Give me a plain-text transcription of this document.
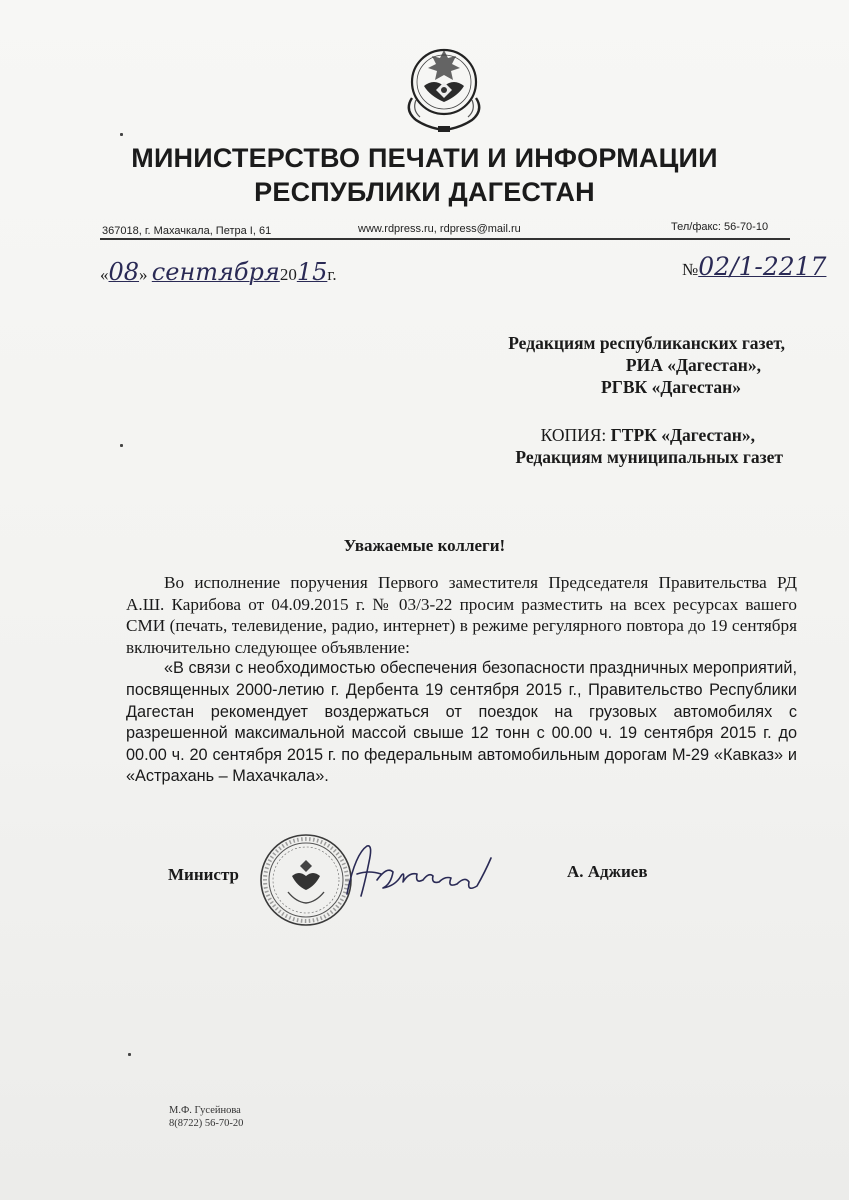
МИНИСТЕРСТВО ПЕЧАТИ И ИНФОРМАЦИИ
РЕСПУБЛИКИ ДАГЕСТАН
367018, г. Махачкала, Петра I, 61	www.rdpress.ru, rdpress@mail.ru	Тел/факс: 56-70-10
«08» сентября2015г.	№02/1-2217
Редакциям республиканских газет,
РИА «Дагестан»,
РГВК «Дагестан»
КОПИЯ: ГТРК «Дагестан»,
Редакциям муниципальных газет
Уважаемые коллеги!

Во исполнение поручения Первого заместителя Председателя Правительства РД А.Ш. Карибова от 04.09.2015 г. № 03/3-22 просим разместить на всех ресурсах вашего СМИ (печать, телевидение, радио, интернет) в режиме регулярного повтора до 19 сентября включительно следующее объявление:

«В связи с необходимостью обеспечения безопасности праздничных мероприятий, посвященных 2000-летию г. Дербента 19 сентября 2015 г., Правительство Республики Дагестан рекомендует воздержаться от поездок на грузовых автомобилях с разрешенной максимальной массой свыше 12 тонн с 00.00 ч. 19 сентября 2015 г. до 00.00 ч. 20 сентября 2015 г. по федеральным автомобильным дорогам М-29 «Кавказ» и «Астрахань – Махачкала».

Министр	А. Аджиев
М.Ф. Гусейнова
8(8722) 56-70-20
